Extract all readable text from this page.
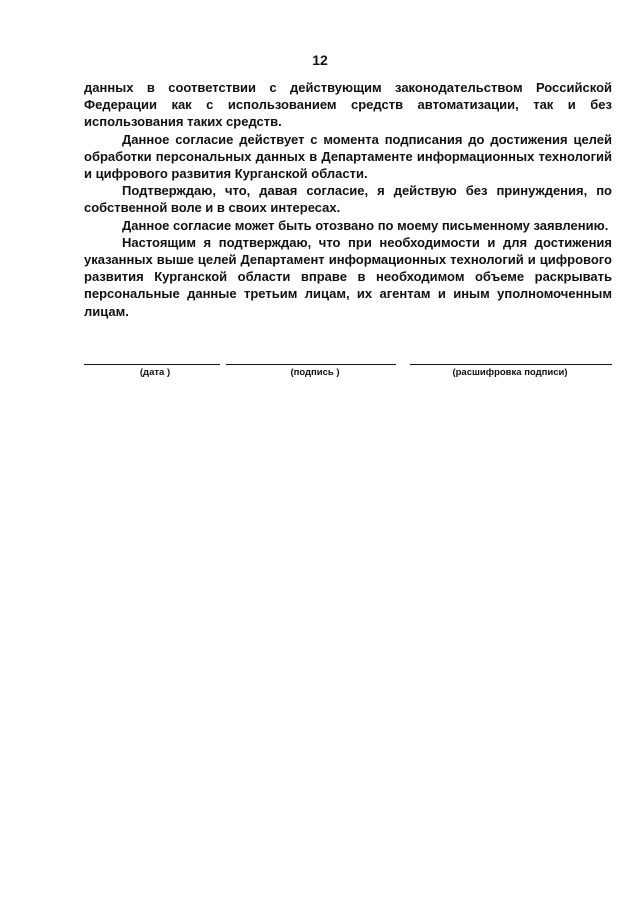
12

данных в соответствии с действующим законодательством Российской Федерации как с использованием средств автоматизации, так и без использования таких средств.

Данное согласие действует с момента подписания до достижения целей обработки персональных данных в Департаменте информационных технологий и цифрового развития Курганской области.

Подтверждаю, что, давая согласие, я действую без принуждения, по собственной воле и в своих интересах.

Данное согласие может быть отозвано по моему письменному заявлению.

Настоящим я подтверждаю, что при необходимости и для достижения указанных выше целей Департамент информационных технологий и цифрового развития Курганской области вправе в необходимом объеме раскрывать персональные данные третьим лицам, их агентам и иным уполномоченным лицам.

(дата )	(подпись )	(расшифровка подписи)
